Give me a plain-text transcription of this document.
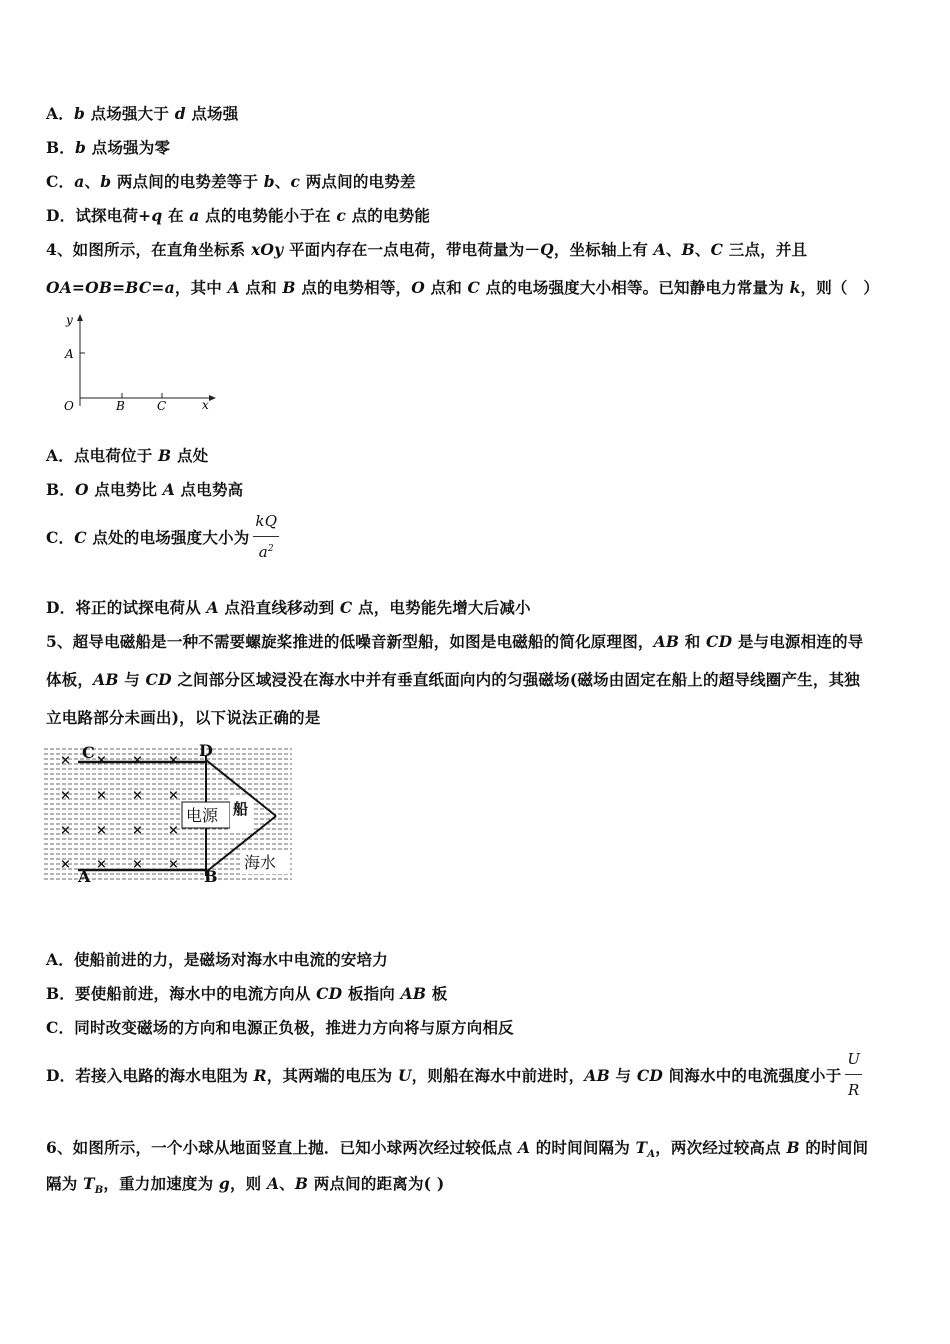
A．b 点场强大于 d 点场强
B．b 点场强为零
C．a、b 两点间的电势差等于 b、c 两点间的电势差
D．试探电荷+q 在 a 点的电势能小于在 c 点的电势能
4、如图所示，在直角坐标系 xOy 平面内存在一点电荷，带电荷量为－Q，坐标轴上有 A、B、C 三点，并且
OA=OB=BC=a，其中 A 点和 B 点的电势相等，O 点和 C 点的电场强度大小相等。已知静电力常量为 k，则（　）
y
A
O	B	C	x
A．点电荷位于 B 点处
B．O 点电势比 A 点电势高
C．C 点处的电场强度大小为 $\frac{kQ}{a^2}$
D．将正的试探电荷从 A 点沿直线移动到 C 点，电势能先增大后减小
5、超导电磁船是一种不需要螺旋桨推进的低噪音新型船，如图是电磁船的简化原理图，AB 和 CD 是与电源相连的导
体板，AB 与 CD 之间部分区域浸没在海水中并有垂直纸面向内的匀强磁场(磁场由固定在船上的超导线圈产生，其独
立电路部分未画出)，以下说法正确的是
× × × ×
× × × ×
× × × ×
× × × ×
电源 船
海水
C	D
A	B
A．使船前进的力，是磁场对海水中电流的安培力
B．要使船前进，海水中的电流方向从 CD 板指向 AB 板
C．同时改变磁场的方向和电源正负极，推进力方向将与原方向相反
D．若接入电路的海水电阻为 R，其两端的电压为 U，则船在海水中前进时，AB 与 CD 间海水中的电流强度小于 $\frac{U}{R}$
6、如图所示，一个小球从地面竖直上抛．已知小球两次经过较低点 A 的时间间隔为 $T_A$，两次经过较高点 B 的时间间
隔为 $T_B$，重力加速度为 g，则 A、B 两点间的距离为( )
